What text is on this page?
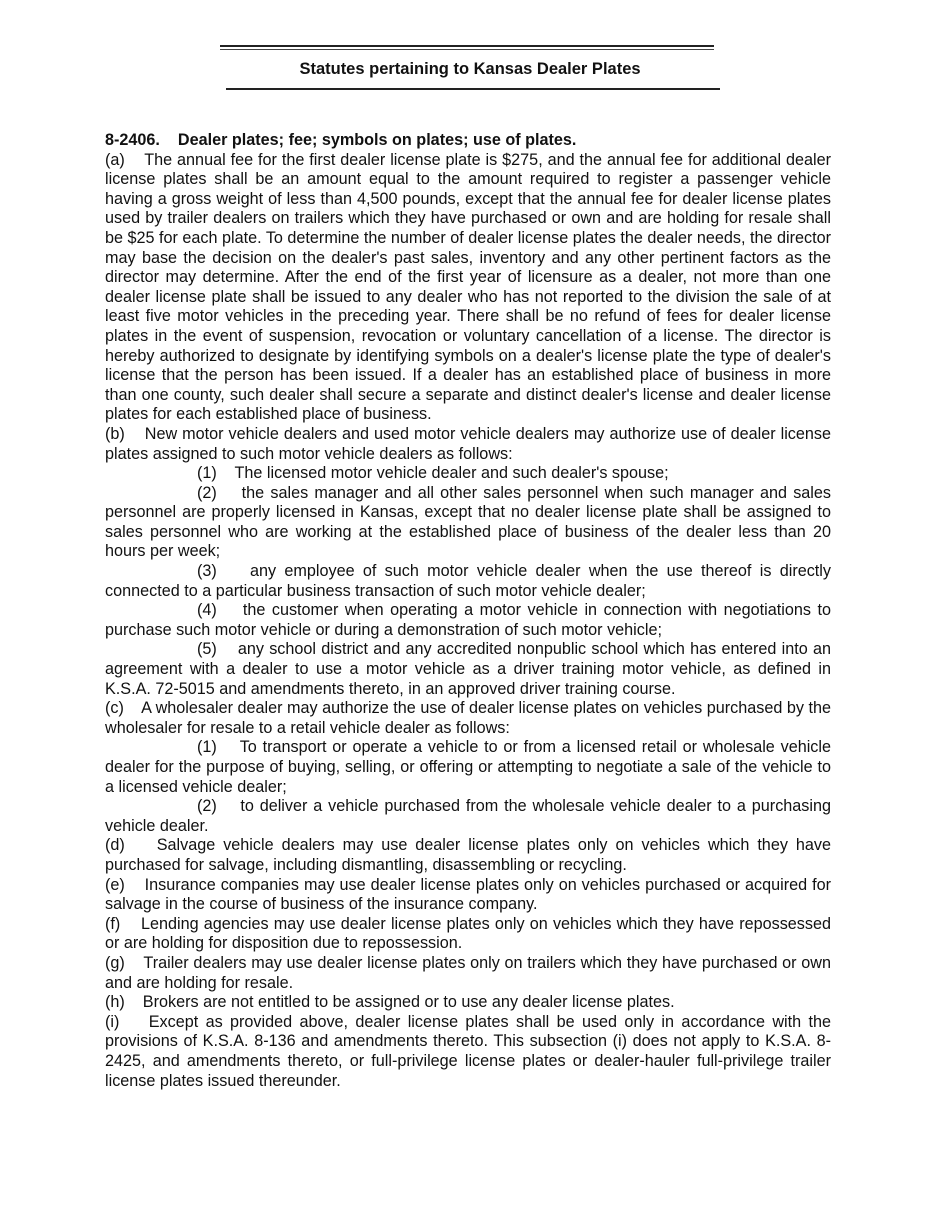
Statutes pertaining to Kansas Dealer Plates
8-2406. Dealer plates; fee; symbols on plates; use of plates.

(a) The annual fee for the first dealer license plate is $275, and the annual fee for additional dealer license plates shall be an amount equal to the amount required to register a passenger vehicle having a gross weight of less than 4,500 pounds, except that the annual fee for dealer license plates used by trailer dealers on trailers which they have purchased or own and are holding for resale shall be $25 for each plate. To determine the number of dealer license plates the dealer needs, the director may base the decision on the dealer's past sales, inventory and any other pertinent factors as the director may determine. After the end of the first year of licensure as a dealer, not more than one dealer license plate shall be issued to any dealer who has not reported to the division the sale of at least five motor vehicles in the preceding year. There shall be no refund of fees for dealer license plates in the event of suspension, revocation or voluntary cancellation of a license. The director is hereby authorized to designate by identifying symbols on a dealer's license plate the type of dealer's license that the person has been issued. If a dealer has an established place of business in more than one county, such dealer shall secure a separate and distinct dealer's license and dealer license plates for each established place of business.

(b) New motor vehicle dealers and used motor vehicle dealers may authorize use of dealer license plates assigned to such motor vehicle dealers as follows:

(1) The licensed motor vehicle dealer and such dealer's spouse;

(2) the sales manager and all other sales personnel when such manager and sales personnel are properly licensed in Kansas, except that no dealer license plate shall be assigned to sales personnel who are working at the established place of business of the dealer less than 20 hours per week;

(3) any employee of such motor vehicle dealer when the use thereof is directly connected to a particular business transaction of such motor vehicle dealer;

(4) the customer when operating a motor vehicle in connection with negotiations to purchase such motor vehicle or during a demonstration of such motor vehicle;

(5) any school district and any accredited nonpublic school which has entered into an agreement with a dealer to use a motor vehicle as a driver training motor vehicle, as defined in K.S.A. 72-5015 and amendments thereto, in an approved driver training course.

(c) A wholesaler dealer may authorize the use of dealer license plates on vehicles purchased by the wholesaler for resale to a retail vehicle dealer as follows:

(1) To transport or operate a vehicle to or from a licensed retail or wholesale vehicle dealer for the purpose of buying, selling, or offering or attempting to negotiate a sale of the vehicle to a licensed vehicle dealer;

(2) to deliver a vehicle purchased from the wholesale vehicle dealer to a purchasing vehicle dealer.

(d) Salvage vehicle dealers may use dealer license plates only on vehicles which they have purchased for salvage, including dismantling, disassembling or recycling.

(e) Insurance companies may use dealer license plates only on vehicles purchased or acquired for salvage in the course of business of the insurance company.

(f) Lending agencies may use dealer license plates only on vehicles which they have repossessed or are holding for disposition due to repossession.

(g) Trailer dealers may use dealer license plates only on trailers which they have purchased or own and are holding for resale.

(h) Brokers are not entitled to be assigned or to use any dealer license plates.

(i) Except as provided above, dealer license plates shall be used only in accordance with the provisions of K.S.A. 8-136 and amendments thereto. This subsection (i) does not apply to K.S.A. 8-2425, and amendments thereto, or full-privilege license plates or dealer-hauler full-privilege trailer license plates issued thereunder.
